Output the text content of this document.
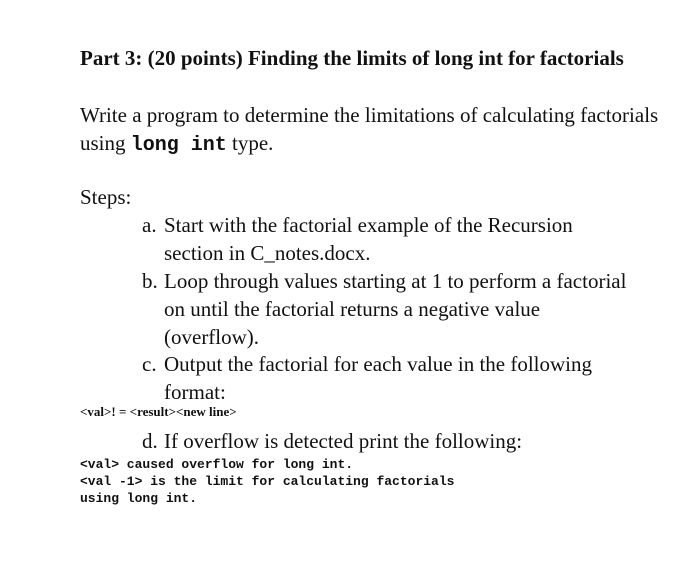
Part 3: (20 points) Finding the limits of long int for factorials
Write a program to determine the limitations of calculating factorials using long int type.
Steps:
a. Start with the factorial example of the Recursion section in C_notes.docx.
b. Loop through values starting at 1 to perform a factorial on until the factorial returns a negative value (overflow).
c. Output the factorial for each value in the following format:
<val>! = <result><new line>
d. If overflow is detected print the following:
<val> caused overflow for long int.
<val -1> is the limit for calculating factorials
using long int.
